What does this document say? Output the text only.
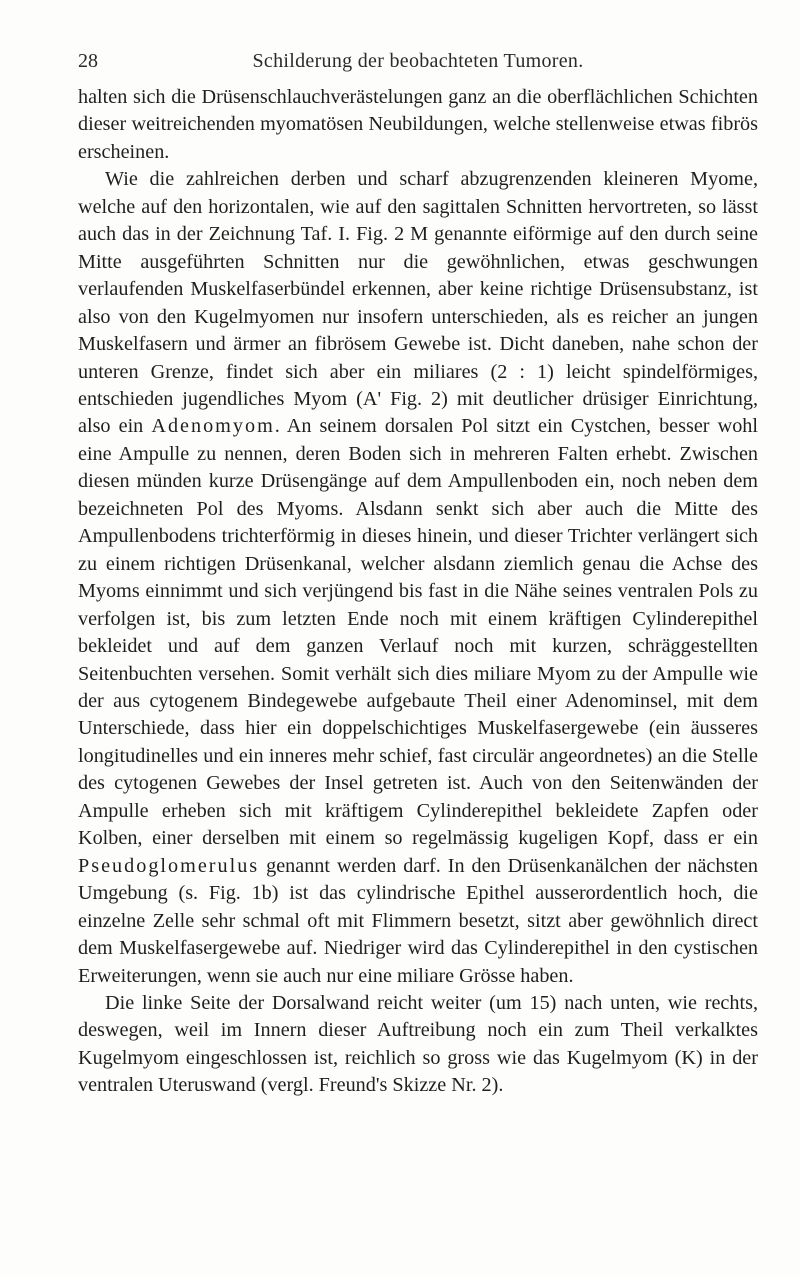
28	Schilderung der beobachteten Tumoren.

halten sich die Drüsenschlauchverästelungen ganz an die oberflächlichen Schichten dieser weitreichenden myomatösen Neubildungen, welche stellenweise etwas fibrös erscheinen.

Wie die zahlreichen derben und scharf abzugrenzenden kleineren Myome, welche auf den horizontalen, wie auf den sagittalen Schnitten hervortreten, so lässt auch das in der Zeichnung Taf. I. Fig. 2 M genannte eiförmige auf den durch seine Mitte ausgeführten Schnitten nur die gewöhnlichen, etwas geschwungen verlaufenden Muskelfaserbündel erkennen, aber keine richtige Drüsensubstanz, ist also von den Kugelmyomen nur insofern unterschieden, als es reicher an jungen Muskelfasern und ärmer an fibrösem Gewebe ist. Dicht daneben, nahe schon der unteren Grenze, findet sich aber ein miliares (2 : 1) leicht spindelförmiges, entschieden jugendliches Myom (A' Fig. 2) mit deutlicher drüsiger Einrichtung, also ein Adenomyom. An seinem dorsalen Pol sitzt ein Cystchen, besser wohl eine Ampulle zu nennen, deren Boden sich in mehreren Falten erhebt. Zwischen diesen münden kurze Drüsengänge auf dem Ampullenboden ein, noch neben dem bezeichneten Pol des Myoms. Alsdann senkt sich aber auch die Mitte des Ampullenbodens trichterförmig in dieses hinein, und dieser Trichter verlängert sich zu einem richtigen Drüsenkanal, welcher alsdann ziemlich genau die Achse des Myoms einnimmt und sich verjüngend bis fast in die Nähe seines ventralen Pols zu verfolgen ist, bis zum letzten Ende noch mit einem kräftigen Cylinderepithel bekleidet und auf dem ganzen Verlauf noch mit kurzen, schräggestellten Seitenbuchten versehen. Somit verhält sich dies miliare Myom zu der Ampulle wie der aus cytogenem Bindegewebe aufgebaute Theil einer Adenominsel, mit dem Unterschiede, dass hier ein doppelschichtiges Muskelfasergewebe (ein äusseres longitudinelles und ein inneres mehr schief, fast circulär angeordnetes) an die Stelle des cytogenen Gewebes der Insel getreten ist. Auch von den Seitenwänden der Ampulle erheben sich mit kräftigem Cylinderepithel bekleidete Zapfen oder Kolben, einer derselben mit einem so regelmässig kugeligen Kopf, dass er ein Pseudoglomerulus genannt werden darf. In den Drüsenkanälchen der nächsten Umgebung (s. Fig. 1b) ist das cylindrische Epithel ausserordentlich hoch, die einzelne Zelle sehr schmal oft mit Flimmern besetzt, sitzt aber gewöhnlich direct dem Muskelfasergewebe auf. Niedriger wird das Cylinderepithel in den cystischen Erweiterungen, wenn sie auch nur eine miliare Grösse haben.

Die linke Seite der Dorsalwand reicht weiter (um 15) nach unten, wie rechts, deswegen, weil im Innern dieser Auftreibung noch ein zum Theil verkalktes Kugelmyom eingeschlossen ist, reichlich so gross wie das Kugelmyom (K) in der ventralen Uteruswand (vergl. Freund's Skizze Nr. 2).
